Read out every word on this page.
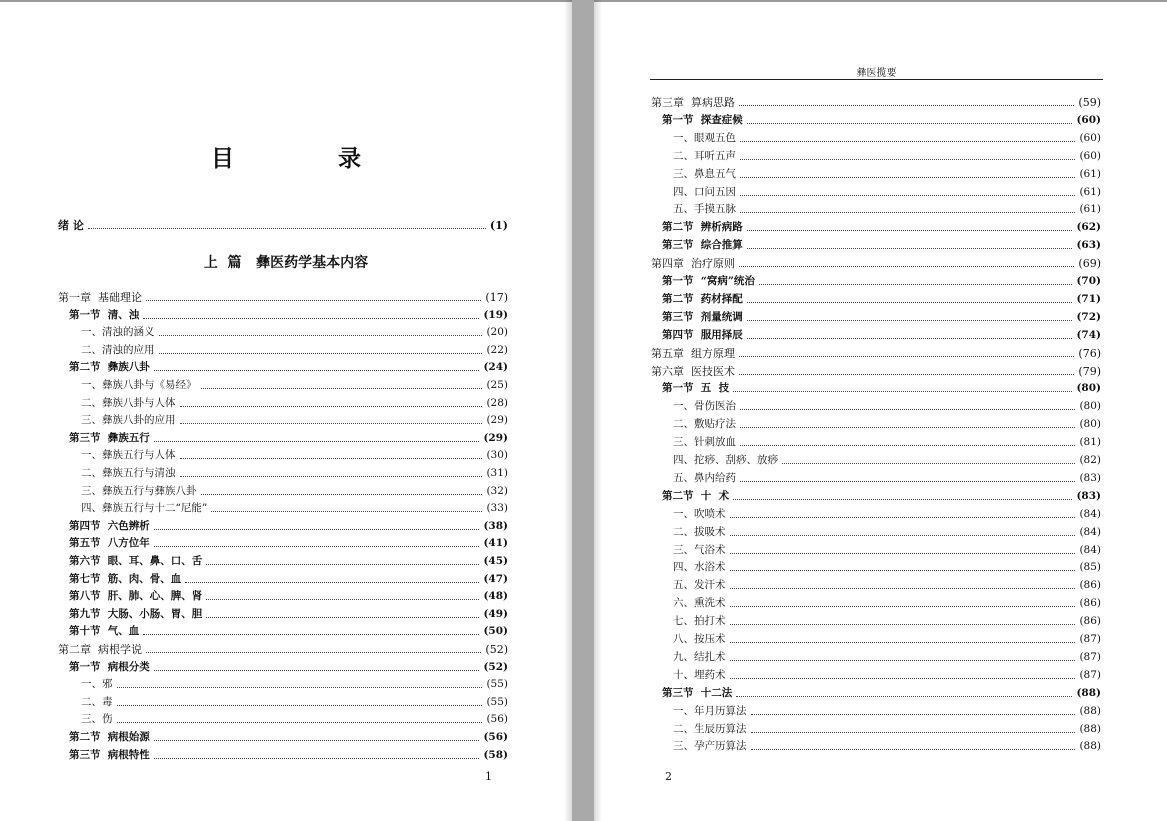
目 录
绪 论	(1)
上  篇   彝医药学基本内容
第一章  基础理论	(17)
第一节  清、浊	(19)
一、清浊的涵义	(20)
二、清浊的应用	(22)
第二节  彝族八卦	(24)
一、彝族八卦与《易经》	(25)
二、彝族八卦与人体	(28)
三、彝族八卦的应用	(29)
第三节  彝族五行	(29)
一、彝族五行与人体	(30)
二、彝族五行与清浊	(31)
三、彝族五行与彝族八卦	(32)
四、彝族五行与十二“尼能”	(33)
第四节  六色辨析	(38)
第五节  八方位年	(41)
第六节  眼、耳、鼻、口、舌	(45)
第七节  筋、肉、骨、血	(47)
第八节  肝、肺、心、脾、肾	(48)
第九节  大肠、小肠、胃、胆	(49)
第十节  气、血	(50)
第二章  病根学说	(52)
第一节  病根分类	(52)
一、邪	(55)
二、毒	(55)
三、伤	(56)
第二节  病根始源	(56)
第三节  病根特性	(58)
1
彝医揽要
第三章  算病思路	(59)
第一节  探查症候	(60)
一、眼观五色	(60)
二、耳听五声	(60)
三、鼻息五气	(61)
四、口问五因	(61)
五、手摸五脉	(61)
第二节  辨析病路	(62)
第三节  综合推算	(63)
第四章  治疗原则	(69)
第一节  “窝病”统治	(70)
第二节  药材择配	(71)
第三节  剂量统调	(72)
第四节  服用择辰	(74)
第五章  组方原理	(76)
第六章  医技医术	(79)
第一节  五  技	(80)
一、骨伤医治	(80)
二、敷贴疗法	(80)
三、针刺放血	(81)
四、拕痧、刮痧、放痧	(82)
五、鼻内给药	(83)
第二节  十  术	(83)
一、吹喷术	(84)
二、拔吸术	(84)
三、气浴术	(84)
四、水浴术	(85)
五、发汗术	(86)
六、熏洗术	(86)
七、拍打术	(86)
八、按压术	(87)
九、结扎术	(87)
十、埋药术	(87)
第三节  十二法	(88)
一、年月历算法	(88)
二、生辰历算法	(88)
三、孕产历算法	(88)
2
